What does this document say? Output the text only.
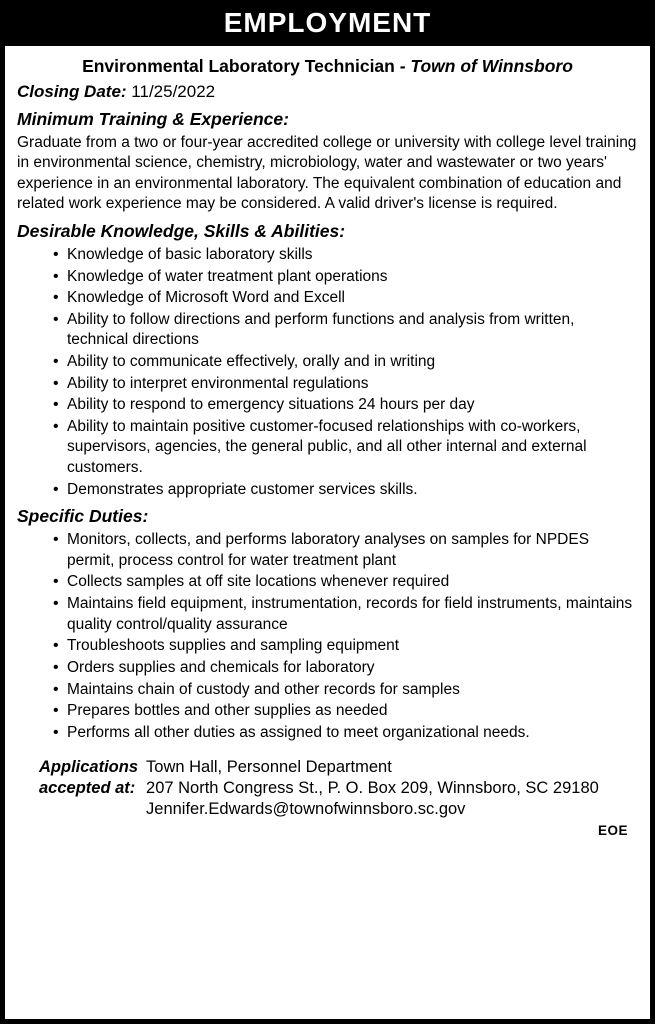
EMPLOYMENT
Environmental Laboratory Technician - Town of Winnsboro
Closing Date: 11/25/2022
Minimum Training & Experience:
Graduate from a two or four-year accredited college or university with college level training in environmental science, chemistry, microbiology, water and wastewater or two years' experience in an environmental laboratory. The equivalent combination of education and related work experience may be considered. A valid driver's license is required.
Desirable Knowledge, Skills & Abilities:
• Knowledge of basic laboratory skills
• Knowledge of water treatment plant operations
• Knowledge of Microsoft Word and Excell
• Ability to follow directions and perform functions and analysis from written, technical directions
• Ability to communicate effectively, orally and in writing
• Ability to interpret environmental regulations
• Ability to respond to emergency situations 24 hours per day
• Ability to maintain positive customer-focused relationships with co-workers, supervisors, agencies, the general public, and all other internal and external customers.
• Demonstrates appropriate customer services skills.
Specific Duties:
• Monitors, collects, and performs laboratory analyses on samples for NPDES permit, process control for water treatment plant
• Collects samples at off site locations whenever required
• Maintains field equipment, instrumentation, records for field instruments, maintains quality control/quality assurance
• Troubleshoots supplies and sampling equipment
• Orders supplies and chemicals for laboratory
• Maintains chain of custody and other records for samples
• Prepares bottles and other supplies as needed
• Performs all other duties as assigned to meet organizational needs.
Applications
accepted at:
Town Hall, Personnel Department
207 North Congress St., P. O. Box 209, Winnsboro, SC 29180
Jennifer.Edwards@townofwinnsboro.sc.gov
EOE
